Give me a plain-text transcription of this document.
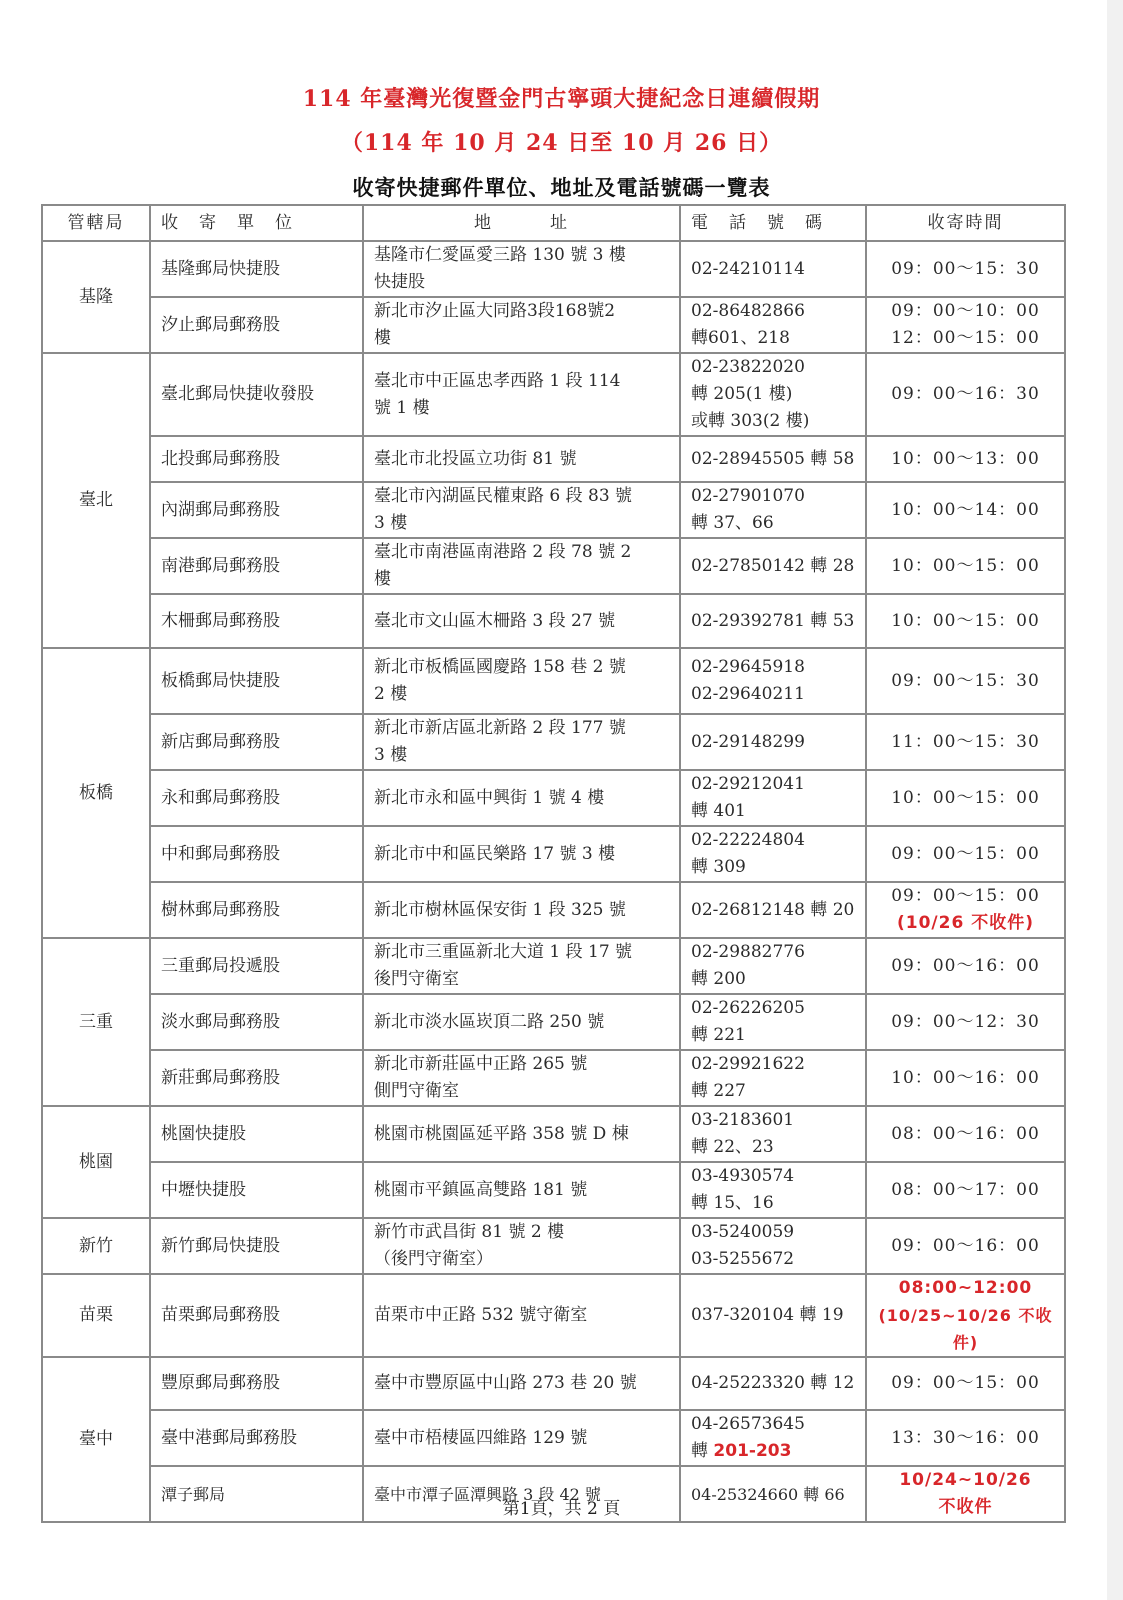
114 年臺灣光復暨金門古寧頭大捷紀念日連續假期
（114 年 10 月 24 日至 10 月 26 日）
收寄快捷郵件單位、地址及電話號碼一覽表
管轄局	收　寄　單　位	地　　　址	電　話　號　碼	收寄時間
基隆	基隆郵局快捷股	基隆市仁愛區愛三路 130 號 3 樓
快捷股	02-24210114	09：00～15：30

	汐止郵局郵務股	新北市汐止區大同路3段168號2
樓	02-86482866
轉601、218	09：00～10：00
12：00～15：00

臺北	臺北郵局快捷收發股	臺北市中正區忠孝西路 1 段 114
號 1 樓	02-23822020
轉 205(1 樓)
或轉 303(2 樓)	09：00～16：30

	北投郵局郵務股	臺北市北投區立功街 81 號	02-28945505 轉 58	10：00～13：00

	內湖郵局郵務股	臺北市內湖區民權東路 6 段 83 號
3 樓	02-27901070
轉 37、66	10：00～14：00

	南港郵局郵務股	臺北市南港區南港路 2 段 78 號 2
樓	02-27850142 轉 28	10：00～15：00

	木柵郵局郵務股	臺北市文山區木柵路 3 段 27 號	02-29392781 轉 53	10：00～15：00

板橋	板橋郵局快捷股	新北市板橋區國慶路 158 巷 2 號
2 樓	02-29645918
02-29640211	09：00～15：30

	新店郵局郵務股	新北市新店區北新路 2 段 177 號
3 樓	02-29148299	11：00～15：30

	永和郵局郵務股	新北市永和區中興街 1 號 4 樓	02-29212041
轉 401	10：00～15：00

	中和郵局郵務股	新北市中和區民樂路 17 號 3 樓	02-22224804
轉 309	09：00～15：00

	樹林郵局郵務股	新北市樹林區保安街 1 段 325 號	02-26812148 轉 20	09：00～15：00
(10/26 不收件)

三重	三重郵局投遞股	新北市三重區新北大道 1 段 17 號
後門守衛室	02-29882776
轉 200	09：00～16：00

	淡水郵局郵務股	新北市淡水區崁頂二路 250 號	02-26226205
轉 221	09：00～12：30

	新莊郵局郵務股	新北市新莊區中正路 265 號
側門守衛室	02-29921622
轉 227	10：00～16：00

桃園	桃園快捷股	桃園市桃園區延平路 358 號 D 棟	03-2183601
轉 22、23	08：00～16：00

	中壢快捷股	桃園市平鎮區高雙路 181 號	03-4930574
轉 15、16	08：00～17：00

新竹	新竹郵局快捷股	新竹市武昌街 81 號 2 樓
（後門守衛室）	03-5240059
03-5255672	09：00～16：00

苗栗	苗栗郵局郵務股	苗栗市中正路 532 號守衛室	037-320104 轉 19	08:00~12:00
(10/25~10/26 不收件)

臺中	豐原郵局郵務股	臺中市豐原區中山路 273 巷 20 號	04-25223320 轉 12	09：00～15：00

	臺中港郵局郵務股	臺中市梧棲區四維路 129 號	04-26573645
轉 201-203	13：30～16：00

	潭子郵局	臺中市潭子區潭興路 3 段 42 號	04-25324660 轉 66	10/24~10/26
不收件
第1頁，共 2 頁
